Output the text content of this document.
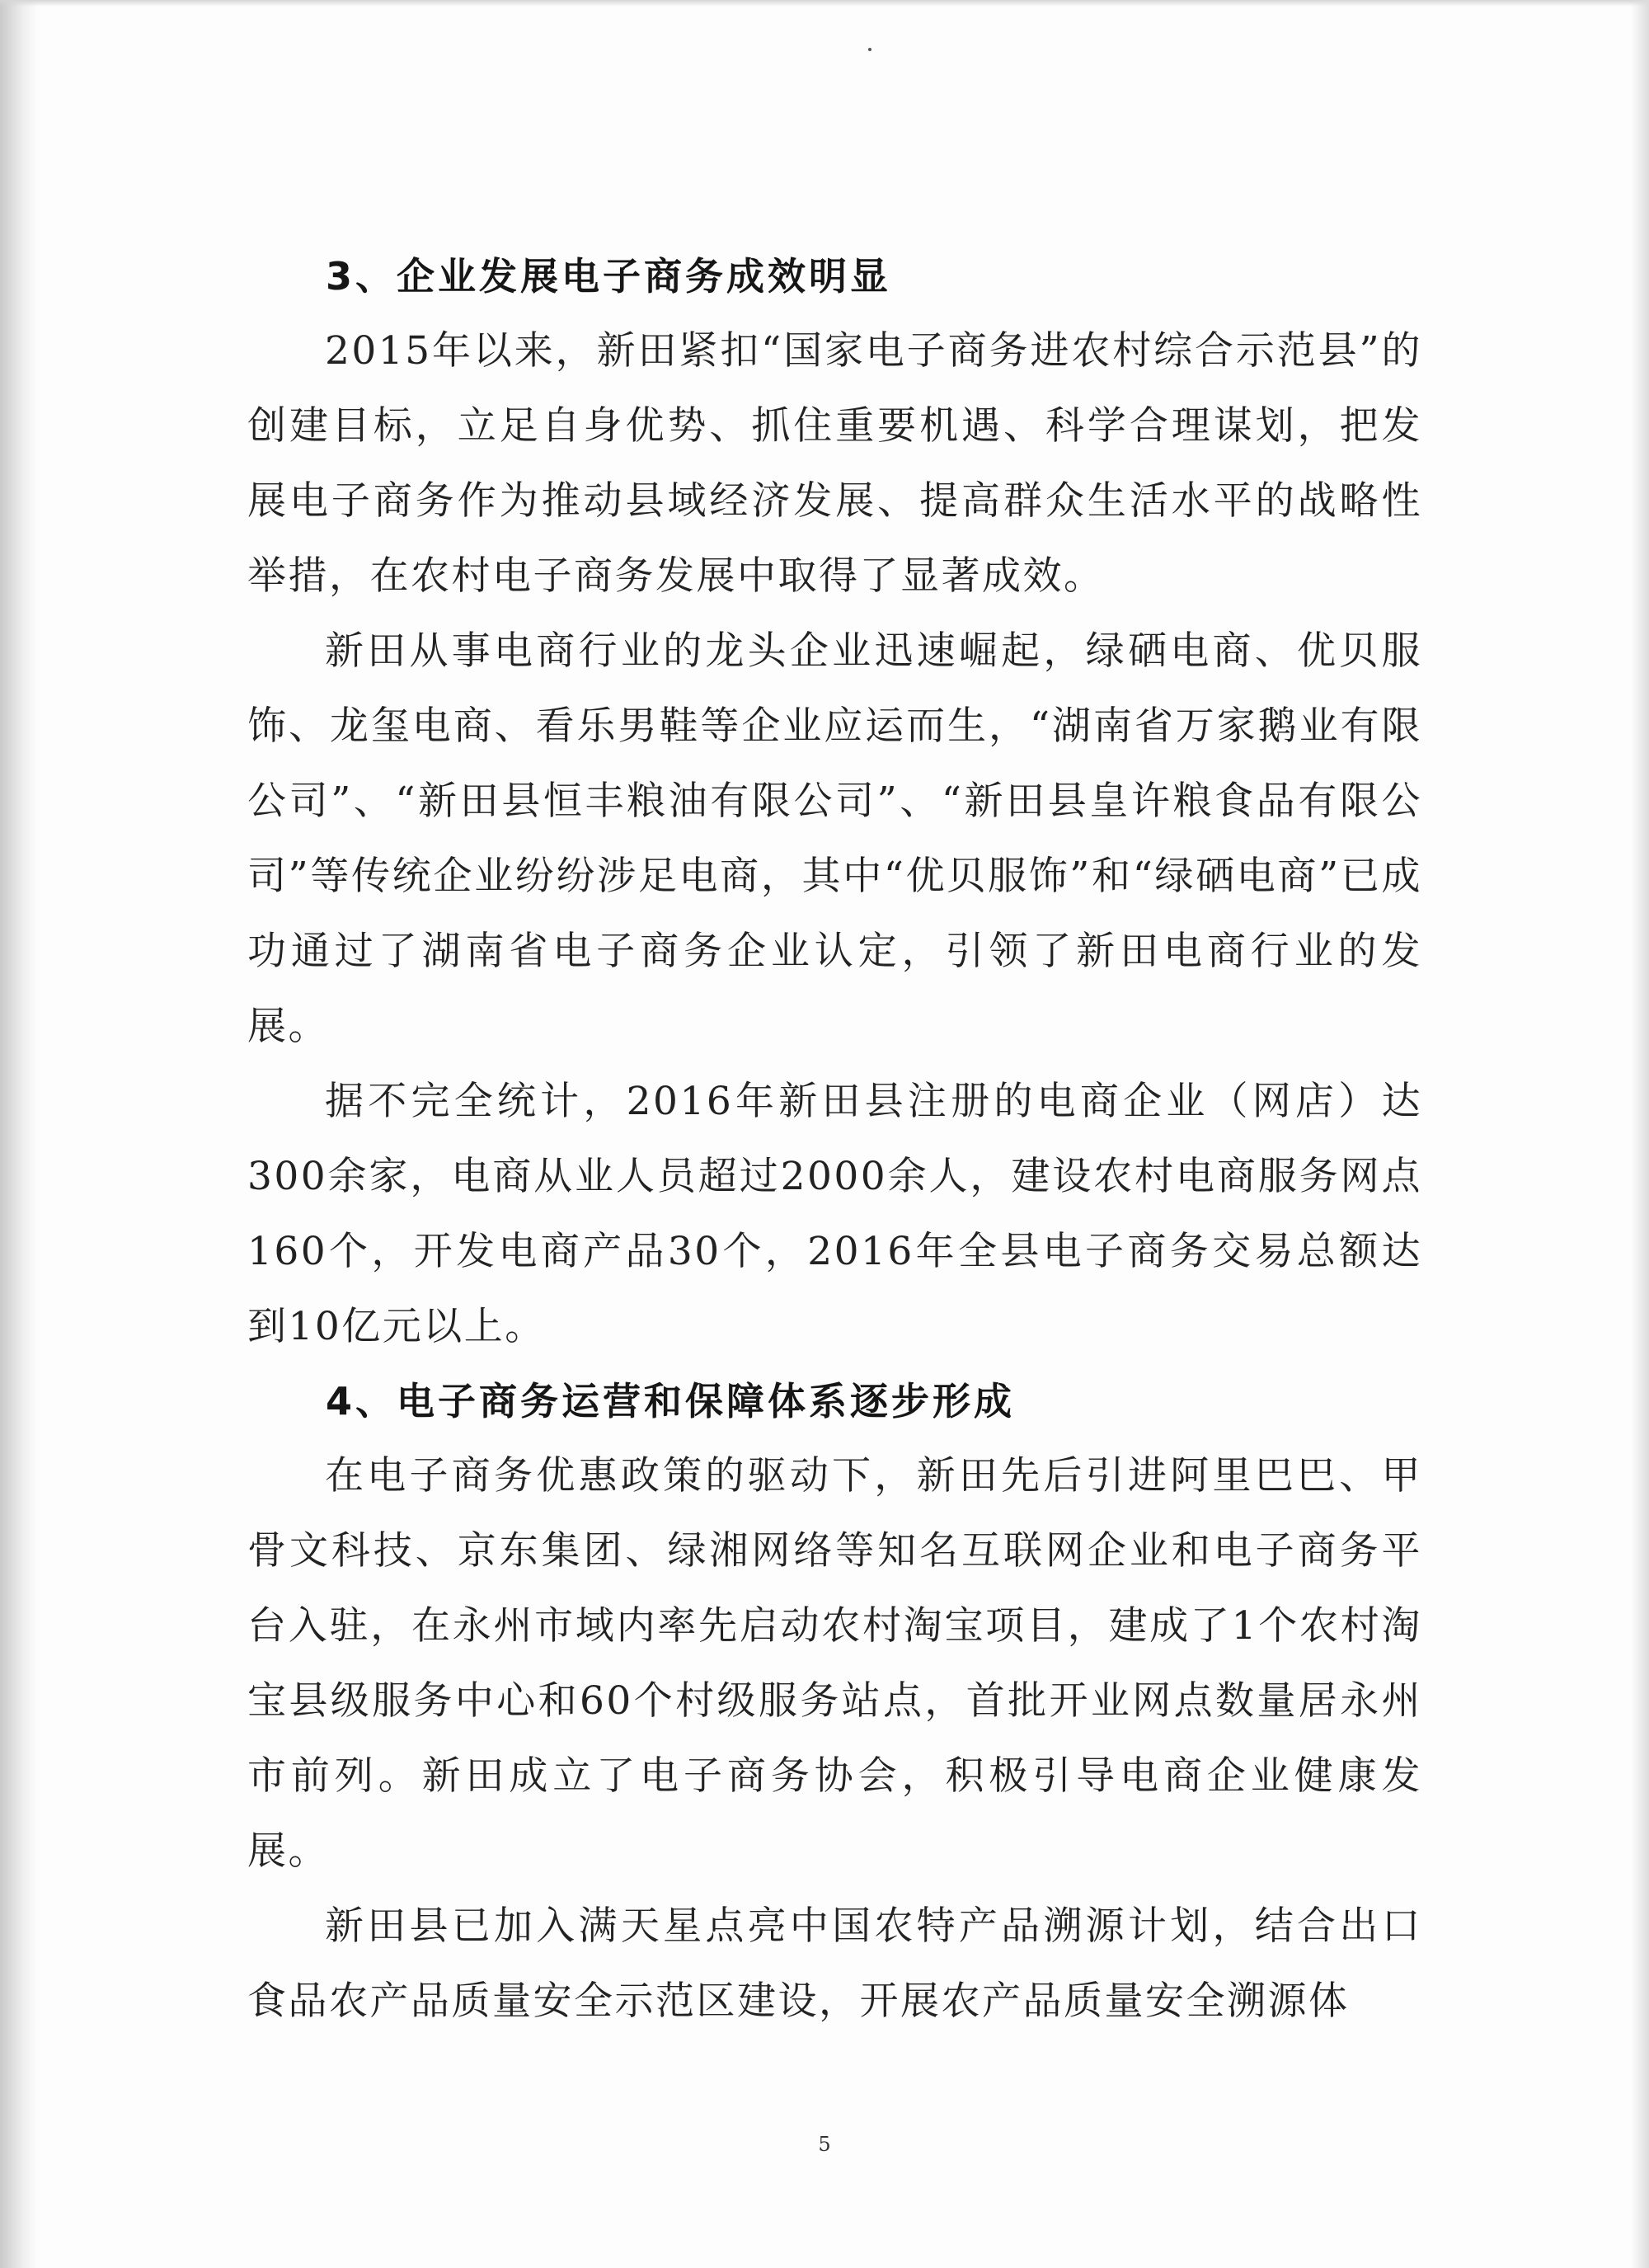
3、企业发展电子商务成效明显

2015年以来，新田紧扣“国家电子商务进农村综合示范县”的创建目标，立足自身优势、抓住重要机遇、科学合理谋划，把发展电子商务作为推动县域经济发展、提高群众生活水平的战略性举措，在农村电子商务发展中取得了显著成效。

新田从事电商行业的龙头企业迅速崛起，绿硒电商、优贝服饰、龙玺电商、看乐男鞋等企业应运而生，“湖南省万家鹅业有限公司”、“新田县恒丰粮油有限公司”、“新田县皇许粮食品有限公司”等传统企业纷纷涉足电商，其中“优贝服饰”和“绿硒电商”已成功通过了湖南省电子商务企业认定，引领了新田电商行业的发展。

据不完全统计，2016年新田县注册的电商企业（网店）达300余家，电商从业人员超过2000余人，建设农村电商服务网点160个，开发电商产品30个，2016年全县电子商务交易总额达到10亿元以上。

4、电子商务运营和保障体系逐步形成

在电子商务优惠政策的驱动下，新田先后引进阿里巴巴、甲骨文科技、京东集团、绿湘网络等知名互联网企业和电子商务平台入驻，在永州市域内率先启动农村淘宝项目，建成了1个农村淘宝县级服务中心和60个村级服务站点，首批开业网点数量居永州市前列。新田成立了电子商务协会，积极引导电商企业健康发展。

新田县已加入满天星点亮中国农特产品溯源计划，结合出口食品农产品质量安全示范区建设，开展农产品质量安全溯源体

5
